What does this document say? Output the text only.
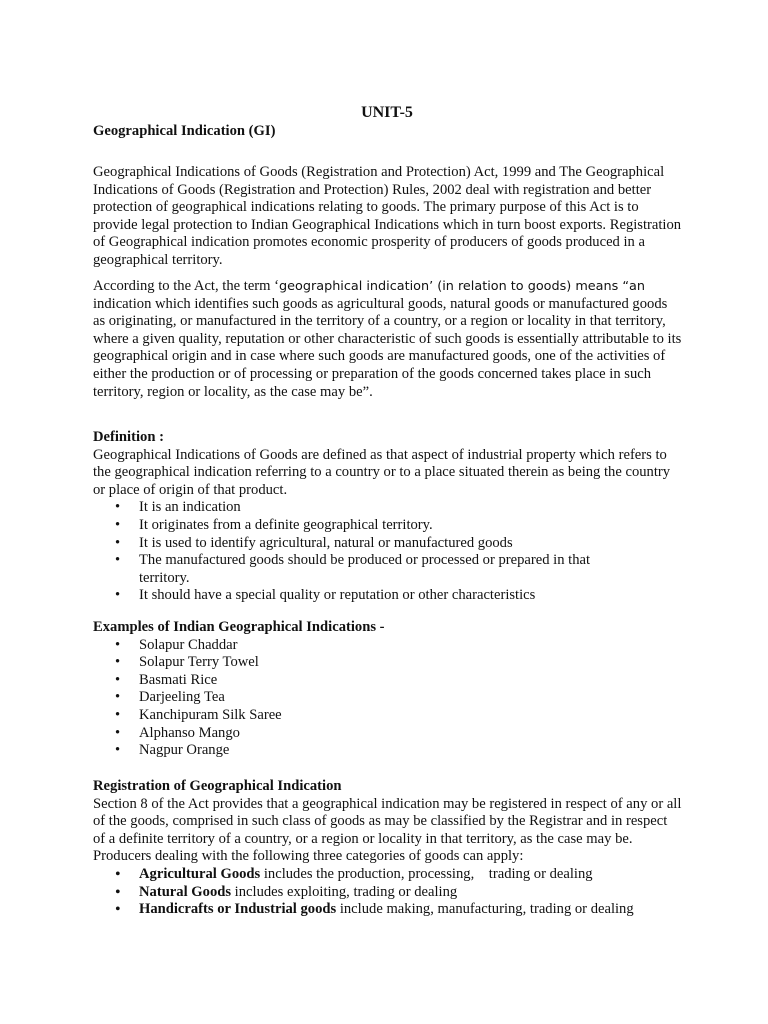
UNIT-5
Geographical Indication (GI)

Geographical Indications of Goods (Registration and Protection) Act, 1999 and The Geographical Indications of Goods (Registration and Protection) Rules, 2002 deal with registration and better protection of geographical indications relating to goods. The primary purpose of this Act is to provide legal protection to Indian Geographical Indications which in turn boost exports. Registration of Geographical indication promotes economic prosperity of producers of goods produced in a geographical territory.

According to the Act, the term ‘geographical indication’ (in relation to goods) means “an indication which identifies such goods as agricultural goods, natural goods or manufactured goods as originating, or manufactured in the territory of a country, or a region or locality in that territory, where a given quality, reputation or other characteristic of such goods is essentially attributable to its geographical origin and in case where such goods are manufactured goods, one of the activities of either the production or of processing or preparation of the goods concerned takes place in such territory, region or locality, as the case may be”.

Definition :

Geographical Indications of Goods are defined as that aspect of industrial property which refers to the geographical indication referring to a country or to a place situated therein as being the country or place of origin of that product.

• It is an indication
• It originates from a definite geographical territory.
• It is used to identify agricultural, natural or manufactured goods
• The manufactured goods should be produced or processed or prepared in that territory.
• It should have a special quality or reputation or other characteristics
Examples of Indian Geographical Indications -
• Solapur Chaddar
• Solapur Terry Towel
• Basmati Rice
• Darjeeling Tea
• Kanchipuram Silk Saree
• Alphanso Mango
• Nagpur Orange
Registration of Geographical Indication

Section 8 of the Act provides that a geographical indication may be registered in respect of any or all of the goods, comprised in such class of goods as may be classified by the Registrar and in respect of a definite territory of a country, or a region or locality in that territory, as the case may be.

Producers dealing with the following three categories of goods can apply:

• Agricultural Goods includes the production, processing,    trading or dealing
• Natural Goods includes exploiting, trading or dealing
• Handicrafts or Industrial goods include making, manufacturing, trading or dealing
